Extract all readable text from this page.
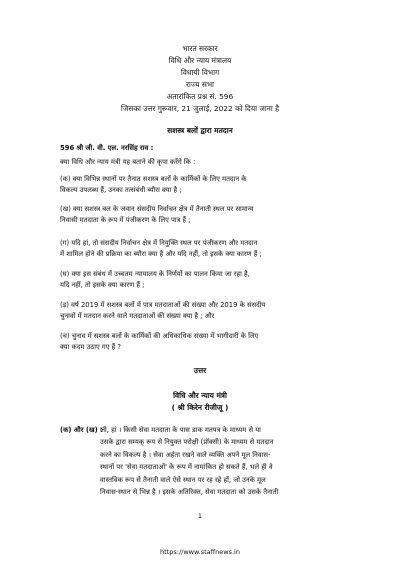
भारत सरकार
विधि और न्याय मंत्रालय
विधायी विभाग
राज्य सभा
अतारांकित प्रश्न सं. 596
जिसका उत्तर गुरूवार, 21 जुलाई, 2022 को दिया जाना है
सशस्त्र बलों द्वारा मतदान
596 श्री जी. वी. एल. नरसिंह राव :
क्या विधि और न्याय मंत्री यह बताने की कृपा करेंगे कि :
(क) क्या विभिन्न स्थानों पर तैनात सशस्त्र बलों के कार्मिकों के लिए मतदान के
विकल्प उपलब्ध हैं, उनका तत्संबंधी ब्यौरा क्या है ;
(ख) क्या सशस्त्र बल के जवान संसदीय निर्वाचन क्षेत्र में तैनाती स्थल पर सामान्य
निवासी मतदाता के रूप में पंजीकरण के लिए पात्र हैं ;
(ग) यदि हां, तो संसदीय निर्वाचन क्षेत्र में नियुक्ति स्थल पर पंजीकरण और मतदान
में शामिल होने की प्रक्रिया का ब्यौरा क्या है और यदि नहीं, तो इसके क्या कारण हैं ;
(घ) क्या इस संबंध में उच्चतम न्यायालय के निर्णयों का पालन किया जा रहा है,
यदि नहीं, तो इसके क्या कारण हैं ;
(ड़) वर्ष 2019 में सशस्त्र बलों में पात्र मतदाताओं की संख्या और 2019 के संसदीय
चुनावों में मतदान करने वाले मतदाताओं की संख्या क्या है ; और
(च) चुनाव में सशस्त्र बलों के कार्मिकों की अधिकाधिक संख्या में भागीदारी के लिए
क्या कदम उठाए गए हैं ?
उत्तर
विधि और न्याय मंत्री
( श्री किरेन रीजीजू )
(क) और (ख) :
जी, हां । किसी सेवा मतदाता के पास डाक मतपत्र के माध्यम से या
उसके द्वारा सम्यक् रूप से नियुक्त परोक्षी (प्रॉक्सी) के माध्यम से मतदान
करने का विकल्प है । सेवा अर्हता रखने वाले व्यक्ति अपने मूल निवास-
स्थानों पर 'सेवा मतदाताओं' के रूप में नामांकित हो सकते हैं, भले ही वे
वास्तविक रूप से तैनाती वाले ऐसे स्थान पर रह रहे हों, जो उनके मूल
निवास-स्थान से भिन्न है । इसके अतिरिक्त, सेवा मतदाता को उसके तैनाती
1
https://www.staffnews.in
